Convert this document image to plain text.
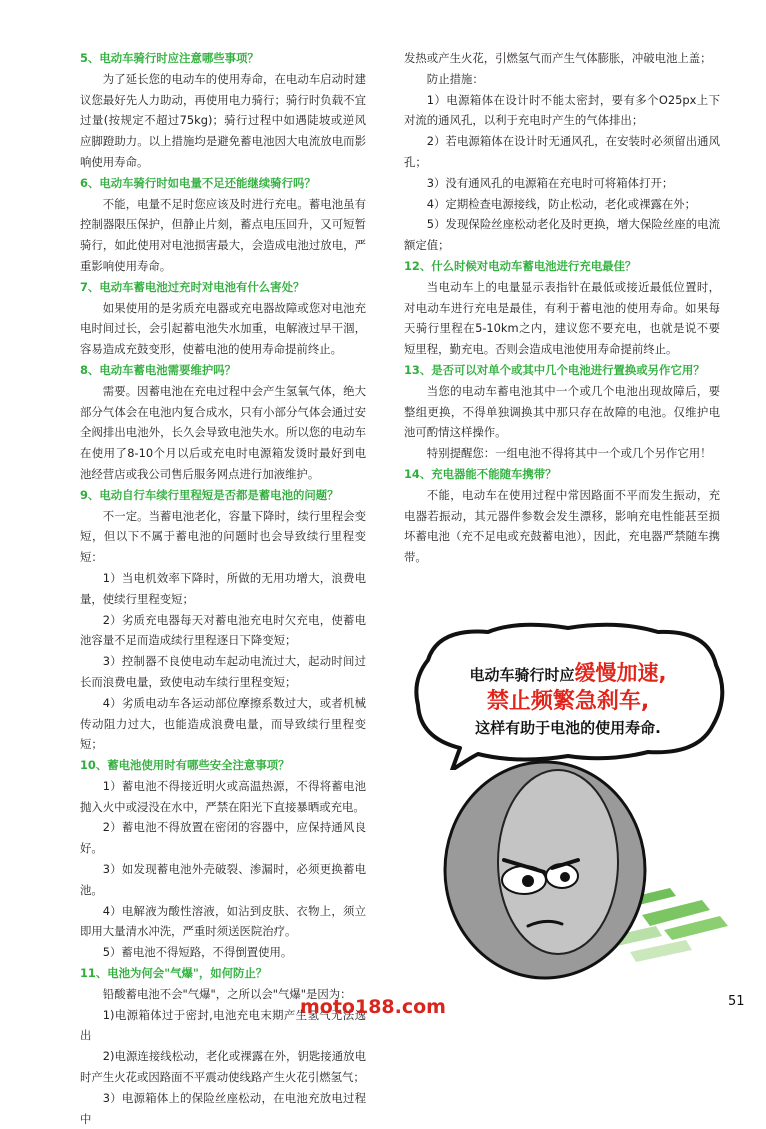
5、电动车骑行时应注意哪些事项？

为了延长您的电动车的使用寿命，在电动车启动时建议您最好先人力助动，再使用电力骑行；骑行时负载不宜过量(按规定不超过75kg)；骑行过程中如遇陡坡或逆风应脚蹬助力。以上措施均是避免蓄电池因大电流放电而影响使用寿命。

6、电动车骑行时如电量不足还能继续骑行吗？

不能，电量不足时您应该及时进行充电。蓄电池虽有控制器限压保护，但静止片刻，蓄点电压回升，又可短暂骑行，如此使用对电池损害最大，会造成电池过放电，严重影响使用寿命。

7、电动车蓄电池过充时对电池有什么害处？

如果使用的是劣质充电器或充电器故障或您对电池充电时间过长，会引起蓄电池失水加重，电解液过早干涸，容易造成充鼓变形，使蓄电池的使用寿命提前终止。

8、电动车蓄电池需要维护吗？

需要。因蓄电池在充电过程中会产生氢氧气体，绝大部分气体会在电池内复合成水，只有小部分气体会通过安全阀排出电池外，长久会导致电池失水。所以您的电动车在使用了8-10个月以后或充电时电源箱发烫时最好到电池经营店或我公司售后服务网点进行加液维护。

9、电动自行车续行里程短是否都是蓄电池的问题？

不一定。当蓄电池老化，容量下降时，续行里程会变短，但以下不属于蓄电池的问题时也会导致续行里程变短：

1）当电机效率下降时，所做的无用功增大，浪费电量，使续行里程变短；

2）劣质充电器每天对蓄电池充电时欠充电，使蓄电池容量不足而造成续行里程逐日下降变短；

3）控制器不良使电动车起动电流过大，起动时间过长而浪费电量，致使电动车续行里程变短；

4）劣质电动车各运动部位摩擦系数过大，或者机械传动阻力过大，也能造成浪费电量，而导致续行里程变短；

10、蓄电池使用时有哪些安全注意事项？

1）蓄电池不得接近明火或高温热源，不得将蓄电池抛入火中或浸没在水中，严禁在阳光下直接暴晒或充电。

2）蓄电池不得放置在密闭的容器中，应保持通风良好。

3）如发现蓄电池外壳破裂、渗漏时，必须更换蓄电池。

4）电解液为酸性溶液，如沾到皮肤、衣物上，须立即用大量清水冲洗，严重时须送医院治疗。

5）蓄电池不得短路，不得倒置使用。

11、电池为何会"气爆"，如何防止？

铅酸蓄电池不会"气爆"，之所以会"气爆"是因为：

1)电源箱体过于密封,电池充电末期产生氢气无法逸出

2)电源连接线松动，老化或裸露在外，钥匙接通放电时产生火花或因路面不平震动使线路产生火花引燃氢气；

3）电源箱体上的保险丝座松动，在电池充放电过程中

发热或产生火花，引燃氢气而产生气体膨胀，冲破电池上盖；

防止措施：

1）电源箱体在设计时不能太密封，要有多个O25px上下对流的通风孔，以利于充电时产生的气体排出；

2）若电源箱体在设计时无通风孔，在安装时必须留出通风孔；

3）没有通风孔的电源箱在充电时可将箱体打开；

4）定期检查电源接线，防止松动，老化或裸露在外；

5）发现保险丝座松动老化及时更换，增大保险丝座的电流额定值；

12、什么时候对电动车蓄电池进行充电最佳？

当电动车上的电量显示表指针在最低或接近最低位置时，对电动车进行充电是最佳，有利于蓄电池的使用寿命。如果每天骑行里程在5-10km之内，建议您不要充电，也就是说不要短里程，勤充电。否则会造成电池使用寿命提前终止。

13、是否可以对单个或其中几个电池进行置换或另作它用？

当您的电动车蓄电池其中一个或几个电池出现故障后，要整组更换，不得单独调换其中那只存在故障的电池。仅维护电池可酌情这样操作。

特别提醒您：一组电池不得将其中一个或几个另作它用！

14、充电器能不能随车携带？

不能，电动车在使用过程中常因路面不平而发生振动，充电器若振动，其元器件参数会发生漂移，影响充电性能甚至损坏蓄电池（充不足电或充鼓蓄电池），因此，充电器严禁随车携带。

电动车骑行时应缓慢加速,
禁止频繁急刹车,
这样有助于电池的使用寿命.
moto188.com	51
